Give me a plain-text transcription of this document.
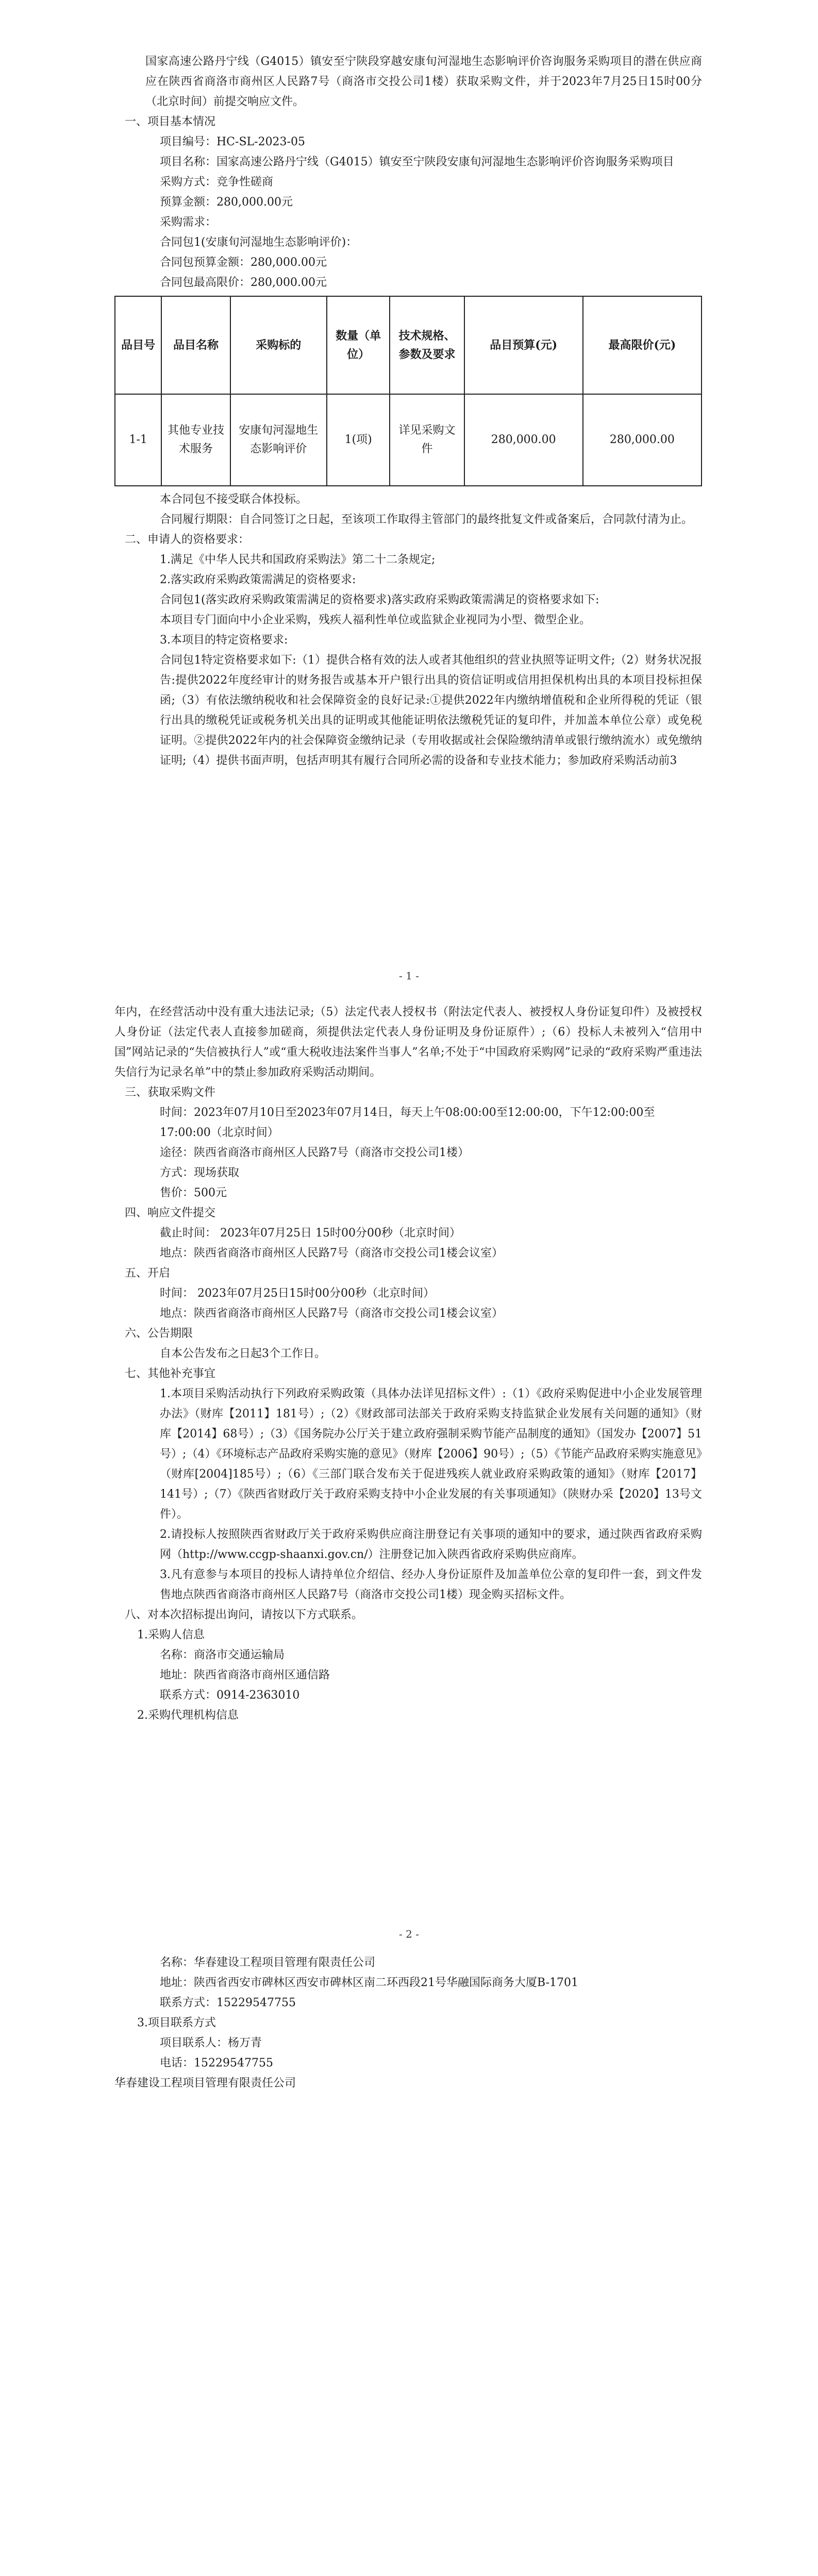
国家高速公路丹宁线（G4015）镇安至宁陕段穿越安康旬河湿地生态影响评价咨询服务采购项目的潜在供应商应在陕西省商洛市商州区人民路7号（商洛市交投公司1楼）获取采购文件，并于2023年7月25日15时00分（北京时间）前提交响应文件。

一、项目基本情况

项目编号：HC-SL-2023-05

项目名称：国家高速公路丹宁线（G4015）镇安至宁陕段安康旬河湿地生态影响评价咨询服务采购项目

采购方式：竞争性磋商

预算金额：280,000.00元

采购需求：

合同包1(安康旬河湿地生态影响评价)：

合同包预算金额：280,000.00元

合同包最高限价：280,000.00元

品目号	品目名称	采购标的	数量（单位）	技术规格、参数及要求	品目预算(元)	最高限价(元)
1-1	其他专业技术服务	安康旬河湿地生态影响评价	1(项)	详见采购文件	280,000.00	280,000.00

本合同包不接受联合体投标。

合同履行期限：自合同签订之日起，至该项工作取得主管部门的最终批复文件或备案后，合同款付清为止。

二、申请人的资格要求：

1.满足《中华人民共和国政府采购法》第二十二条规定;

2.落实政府采购政策需满足的资格要求:

合同包1(落实政府采购政策需满足的资格要求)落实政府采购政策需满足的资格要求如下:

本项目专门面向中小企业采购，残疾人福利性单位或监狱企业视同为小型、微型企业。

3.本项目的特定资格要求:

合同包1特定资格要求如下:（1）提供合格有效的法人或者其他组织的营业执照等证明文件;（2）财务状况报告:提供2022年度经审计的财务报告或基本开户银行出具的资信证明或信用担保机构出具的本项目投标担保函;（3）有依法缴纳税收和社会保障资金的良好记录:①提供2022年内缴纳增值税和企业所得税的凭证（银行出具的缴税凭证或税务机关出具的证明或其他能证明依法缴税凭证的复印件，并加盖本单位公章）或免税证明。②提供2022年内的社会保障资金缴纳记录（专用收据或社会保险缴纳清单或银行缴纳流水）或免缴纳证明;（4）提供书面声明，包括声明其有履行合同所必需的设备和专业技术能力；参加政府采购活动前3

- 1 -

年内，在经营活动中没有重大违法记录;（5）法定代表人授权书（附法定代表人、被授权人身份证复印件）及被授权人身份证（法定代表人直接参加磋商，须提供法定代表人身份证明及身份证原件）;（6）投标人未被列入“信用中国”网站记录的“失信被执行人”或“重大税收违法案件当事人”名单;不处于“中国政府采购网”记录的“政府采购严重违法失信行为记录名单”中的禁止参加政府采购活动期间。

三、获取采购文件

时间：2023年07月10日至2023年07月14日，每天上午08:00:00至12:00:00，下午12:00:00至17:00:00（北京时间）

途径：陕西省商洛市商州区人民路7号（商洛市交投公司1楼）

方式：现场获取

售价：500元

四、响应文件提交

截止时间： 2023年07月25日 15时00分00秒（北京时间）

地点：陕西省商洛市商州区人民路7号（商洛市交投公司1楼会议室）

五、开启

时间： 2023年07月25日15时00分00秒（北京时间）

地点：陕西省商洛市商州区人民路7号（商洛市交投公司1楼会议室）

六、公告期限

自本公告发布之日起3个工作日。

七、其他补充事宜

1.本项目采购活动执行下列政府采购政策（具体办法详见招标文件）:（1）《政府采购促进中小企业发展管理办法》（财库【2011】181号）;（2）《财政部司法部关于政府采购支持监狱企业发展有关问题的通知》（财库【2014】68号）;（3）《国务院办公厅关于建立政府强制采购节能产品制度的通知》（国发办【2007】51号）;（4）《环境标志产品政府采购实施的意见》（财库【2006】90号）;（5）《节能产品政府采购实施意见》（财库[2004]185号）;（6）《三部门联合发布关于促进残疾人就业政府采购政策的通知》（财库【2017】141号）;（7）《陕西省财政厅关于政府采购支持中小企业发展的有关事项通知》（陕财办采【2020】13号文件）。

2.请投标人按照陕西省财政厅关于政府采购供应商注册登记有关事项的通知中的要求，通过陕西省政府采购网（http://www.ccgp-shaanxi.gov.cn/）注册登记加入陕西省政府采购供应商库。

3.凡有意参与本项目的投标人请持单位介绍信、经办人身份证原件及加盖单位公章的复印件一套，到文件发售地点陕西省商洛市商州区人民路7号（商洛市交投公司1楼）现金购买招标文件。

八、对本次招标提出询问，请按以下方式联系。

1.采购人信息

名称：商洛市交通运输局

地址：陕西省商洛市商州区通信路

联系方式：0914-2363010

2.采购代理机构信息

- 2 -

名称：华春建设工程项目管理有限责任公司

地址：陕西省西安市碑林区西安市碑林区南二环西段21号华融国际商务大厦B-1701

联系方式：15229547755

3.项目联系方式

项目联系人：杨万青

电话：15229547755

华春建设工程项目管理有限责任公司
